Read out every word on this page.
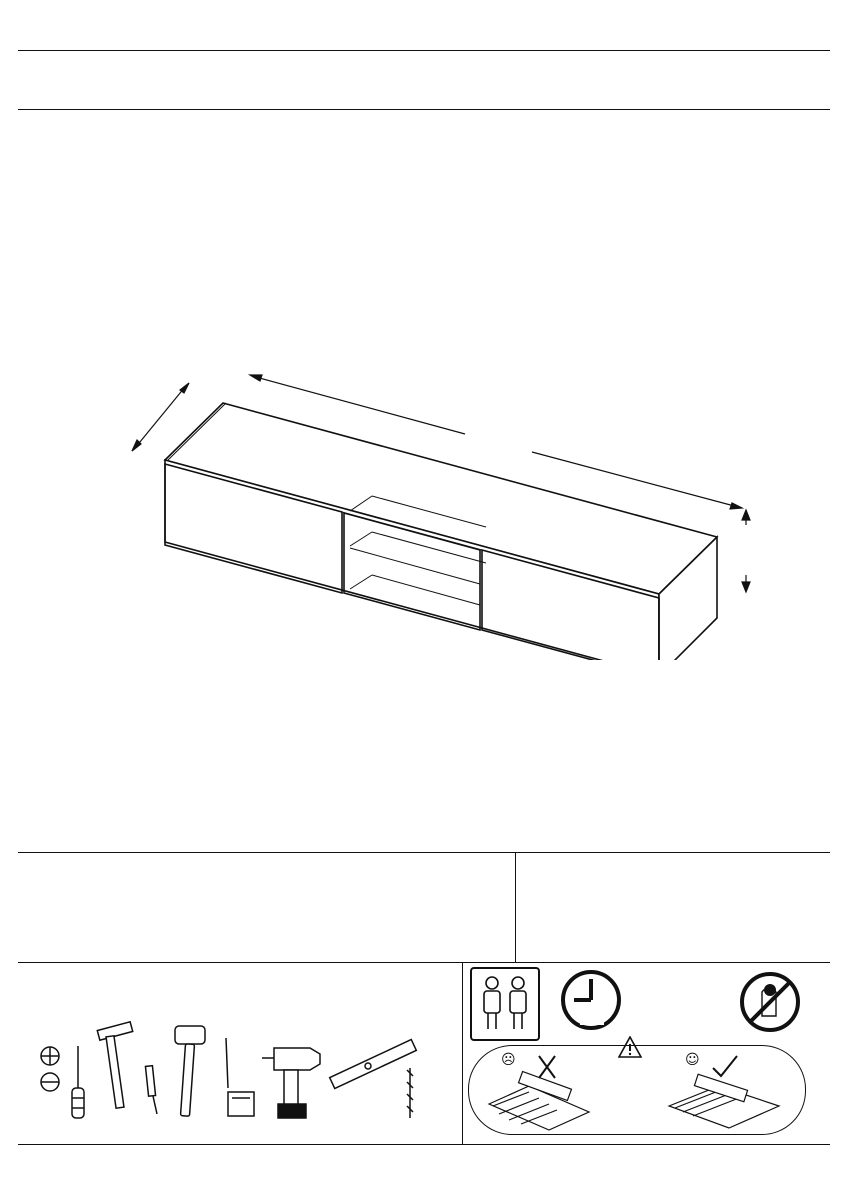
☹	☺
